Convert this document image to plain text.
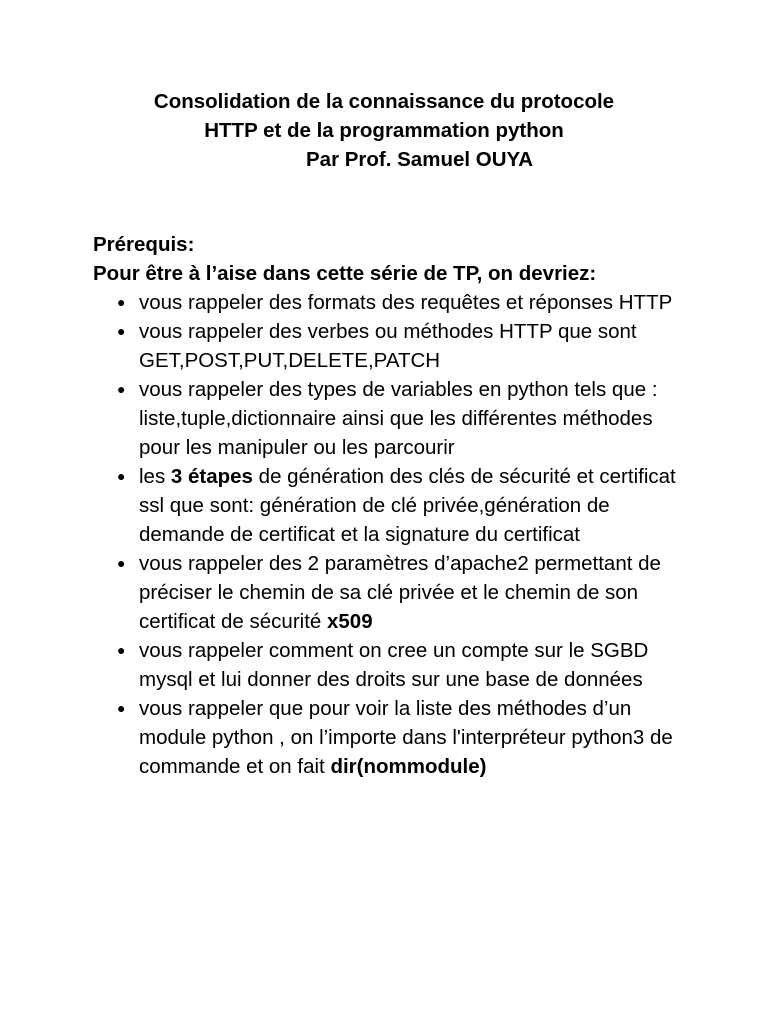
Consolidation de la connaissance du protocole
HTTP et de la programmation python
Par Prof. Samuel OUYA
Prérequis:
Pour être à l’aise dans cette série de TP, on devriez:
● vous rappeler des formats des requêtes et réponses HTTP
● vous rappeler des verbes ou méthodes HTTP que sont GET,POST,PUT,DELETE,PATCH
● vous rappeler des types de variables en python tels que : liste,tuple,dictionnaire ainsi que les différentes méthodes pour les manipuler ou les parcourir
● les 3 étapes de génération des clés de sécurité et certificat ssl que sont: génération de clé privée,génération de demande de certificat et la signature du certificat
● vous rappeler des 2 paramètres d’apache2 permettant de préciser le chemin de sa clé privée et le chemin de son certificat de sécurité x509
● vous rappeler comment on cree un compte sur le SGBD mysql et lui donner des droits sur une base de données
● vous rappeler que pour voir la liste des méthodes d’un module python , on l’importe dans l'interpréteur python3 de commande et on fait dir(nommodule)
